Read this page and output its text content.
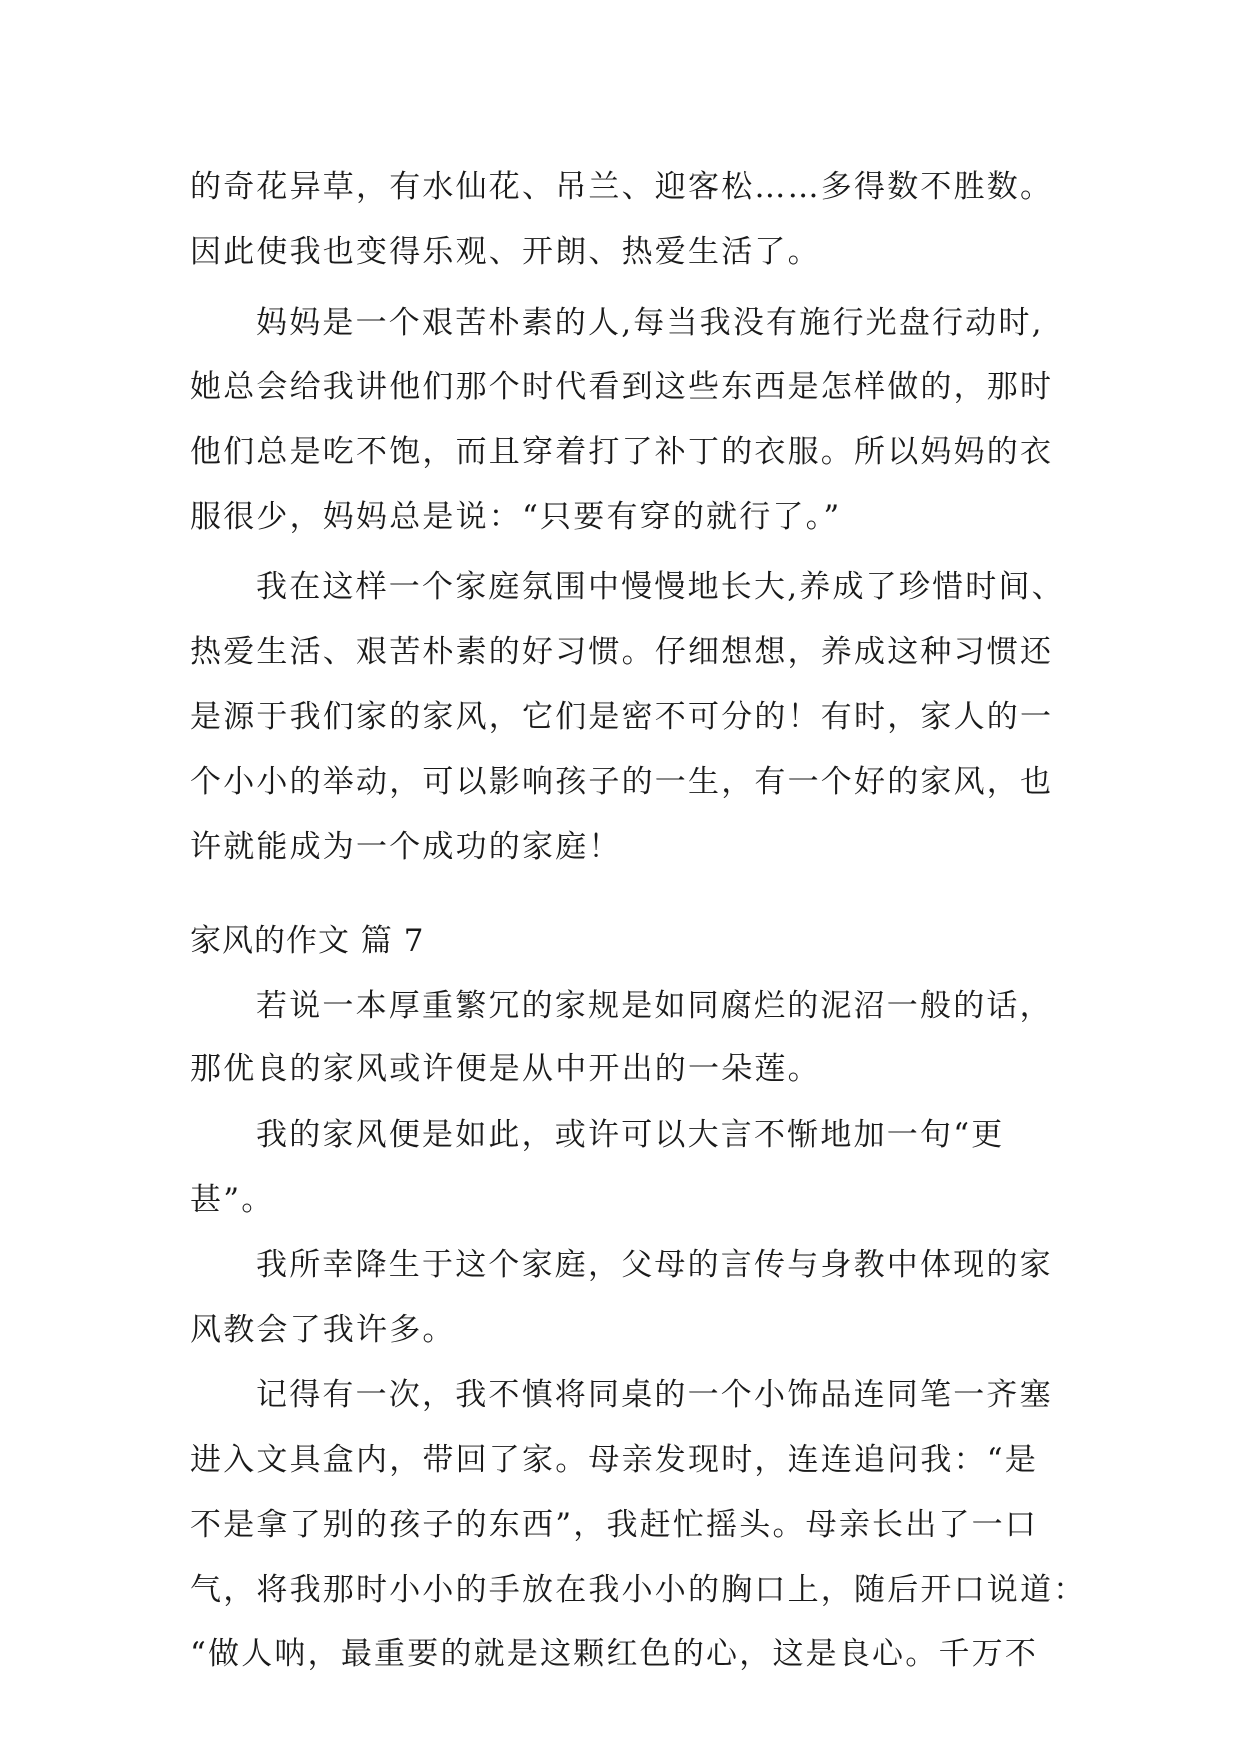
的奇花异草，有水仙花、吊兰、迎客松……多得数不胜数。
因此使我也变得乐观、开朗、热爱生活了。
妈妈是一个艰苦朴素的人,每当我没有施行光盘行动时,
她总会给我讲他们那个时代看到这些东西是怎样做的，那时
他们总是吃不饱，而且穿着打了补丁的衣服。所以妈妈的衣
服很少，妈妈总是说：“只要有穿的就行了。”
我在这样一个家庭氛围中慢慢地长大,养成了珍惜时间、
热爱生活、艰苦朴素的好习惯。仔细想想，养成这种习惯还
是源于我们家的家风，它们是密不可分的！有时，家人的一
个小小的举动，可以影响孩子的一生，有一个好的家风，也
许就能成为一个成功的家庭！
家风的作文 篇 7
若说一本厚重繁冗的家规是如同腐烂的泥沼一般的话，
那优良的家风或许便是从中开出的一朵莲。
我的家风便是如此，或许可以大言不惭地加一句“更
甚”。
我所幸降生于这个家庭，父母的言传与身教中体现的家
风教会了我许多。
记得有一次，我不慎将同桌的一个小饰品连同笔一齐塞
进入文具盒内，带回了家。母亲发现时，连连追问我：“是
不是拿了别的孩子的东西”，我赶忙摇头。母亲长出了一口
气，将我那时小小的手放在我小小的胸口上，随后开口说道：
“做人呐，最重要的就是这颗红色的心，这是良心。千万不
